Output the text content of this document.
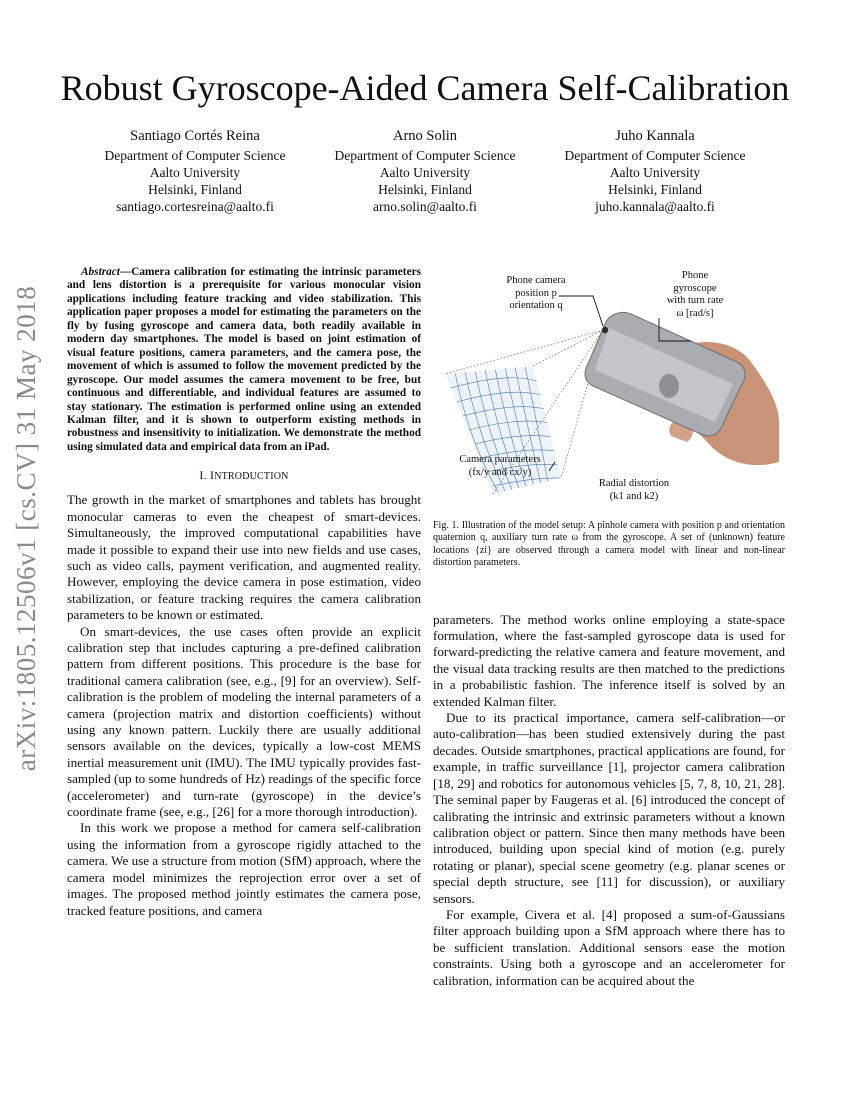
arXiv:1805.12506v1 [cs.CV] 31 May 2018
Robust Gyroscope-Aided Camera Self-Calibration
Santiago Cortés Reina
Department of Computer Science
Aalto University
Helsinki, Finland
santiago.cortesreina@aalto.fi
Arno Solin
Department of Computer Science
Aalto University
Helsinki, Finland
arno.solin@aalto.fi
Juho Kannala
Department of Computer Science
Aalto University
Helsinki, Finland
juho.kannala@aalto.fi

Abstract—Camera calibration for estimating the intrinsic parameters and lens distortion is a prerequisite for various monocular vision applications including feature tracking and video stabilization. This application paper proposes a model for estimating the parameters on the fly by fusing gyroscope and camera data, both readily available in modern day smartphones. The model is based on joint estimation of visual feature positions, camera parameters, and the camera pose, the movement of which is assumed to follow the movement predicted by the gyroscope. Our model assumes the camera movement to be free, but continuous and differentiable, and individual features are assumed to stay stationary. The estimation is performed online using an extended Kalman filter, and it is shown to outperform existing methods in robustness and insensitivity to initialization. We demonstrate the method using simulated data and empirical data from an iPad.

I. INTRODUCTION

The growth in the market of smartphones and tablets has brought monocular cameras to even the cheapest of smart-devices. Simultaneously, the improved computational capabilities have made it possible to expand their use into new fields and use cases, such as video calls, payment verification, and augmented reality. However, employing the device camera in pose estimation, video stabilization, or feature tracking requires the camera calibration parameters to be known or estimated.

On smart-devices, the use cases often provide an explicit calibration step that includes capturing a pre-defined calibration pattern from different positions. This procedure is the base for traditional camera calibration (see, e.g., [9] for an overview). Self-calibration is the problem of modeling the internal parameters of a camera (projection matrix and distortion coefficients) without using any known pattern. Luckily there are usually additional sensors available on the devices, typically a low-cost MEMS inertial measurement unit (IMU). The IMU typically provides fast-sampled (up to some hundreds of Hz) readings of the specific force (accelerometer) and turn-rate (gyroscope) in the device’s coordinate frame (see, e.g., [26] for a more thorough introduction).

In this work we propose a method for camera self-calibration using the information from a gyroscope rigidly attached to the camera. We use a structure from motion (SfM) approach, where the camera model minimizes the reprojection error over a set of images. The proposed method jointly estimates the camera pose, tracked feature positions, and camera

Phone camera
position p
orientation q
Phone
gyroscope
with turn rate
ω [rad/s]
Camera parameters
(fx/y and cx/y)
Radial distortion
(k1 and k2)

Fig. 1. Illustration of the model setup: A pinhole camera with position p and orientation quaternion q, auxiliary turn rate ω from the gyroscope. A set of (unknown) feature locations {zi} are observed through a camera model with linear and non-linear distortion parameters.

parameters. The method works online employing a state-space formulation, where the fast-sampled gyroscope data is used for forward-predicting the relative camera and feature movement, and the visual data tracking results are then matched to the predictions in a probabilistic fashion. The inference itself is solved by an extended Kalman filter.

Due to its practical importance, camera self-calibration—or auto-calibration—has been studied extensively during the past decades. Outside smartphones, practical applications are found, for example, in traffic surveillance [1], projector camera calibration [18, 29] and robotics for autonomous vehicles [5, 7, 8, 10, 21, 28]. The seminal paper by Faugeras et al. [6] introduced the concept of calibrating the intrinsic and extrinsic parameters without a known calibration object or pattern. Since then many methods have been introduced, building upon special kind of motion (e.g. purely rotating or planar), special scene geometry (e.g. planar scenes or special depth structure, see [11] for discussion), or auxiliary sensors.

For example, Civera et al. [4] proposed a sum-of-Gaussians filter approach building upon a SfM approach where there has to be sufficient translation. Additional sensors ease the motion constraints. Using both a gyroscope and an accelerometer for calibration, information can be acquired about the
